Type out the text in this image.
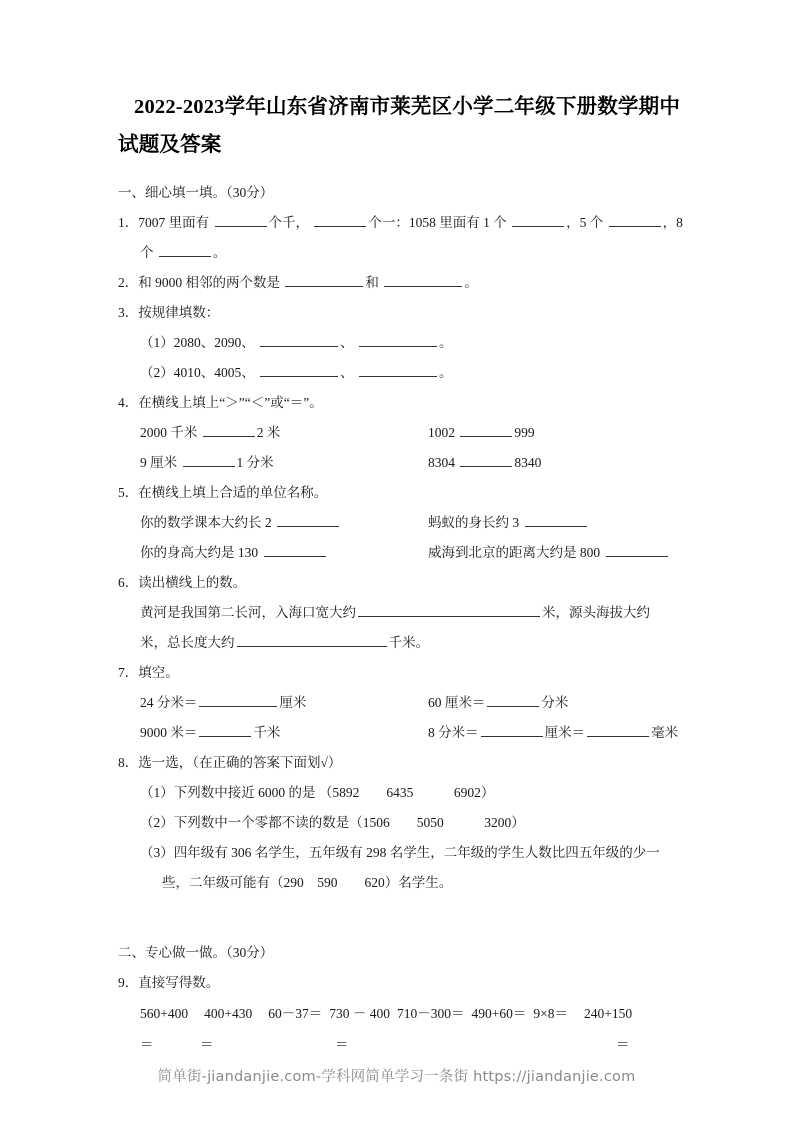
2022-2023学年山东省济南市莱芜区小学二年级下册数学期中试题及答案

一、细心填一填。（30分）

1．7007 里面有	个千，	个一：1058 里面有 1 个	，5 个	，8

个	。

2．和 9000 相邻的两个数是	和	。

3．按规律填数：

（1）2080、2090、	、	。

（2）4010、4005、	、	。

4．在横线上填上“＞”“＜”或“＝”。

2000 千米	2 米	1002	999
9 厘米	1 分米	8304	8340

5．在横线上填上合适的单位名称。

你的数学课本大约长 2	蚂蚁的身长约 3
你的身高大约是 130	威海到北京的距离大约是 800

6．读出横线上的数。

黄河是我国第二长河，入海口宽大约	米，源头海拔大约

米，总长度大约	千米。

7．填空。

24 分米＝	厘米	60 厘米＝	分米
9000 米＝	千米	8 分米＝	厘米＝	毫米

8．选一选，（在正确的答案下面划√）

（1）下列数中接近 6000 的是 （5892　　6435　　　6902）

（2）下列数中一个零都不读的数是（1506　　5050　　　3200）

（3）四年级有 306 名学生，五年级有 298 名学生，二年级的学生人数比四五年级的少一 些，二年级可能有（290　590　　620）名学生。

二、专心做一做。（30分）

9．直接写得数。

560+400 400+430 60－37＝ 730 － 400 710－300＝ 490+60＝ 9×8＝ 240+150
＝	＝	＝	＝
简单街-jiandanjie.com-学科网简单学习一条街 https://jiandanjie.com
